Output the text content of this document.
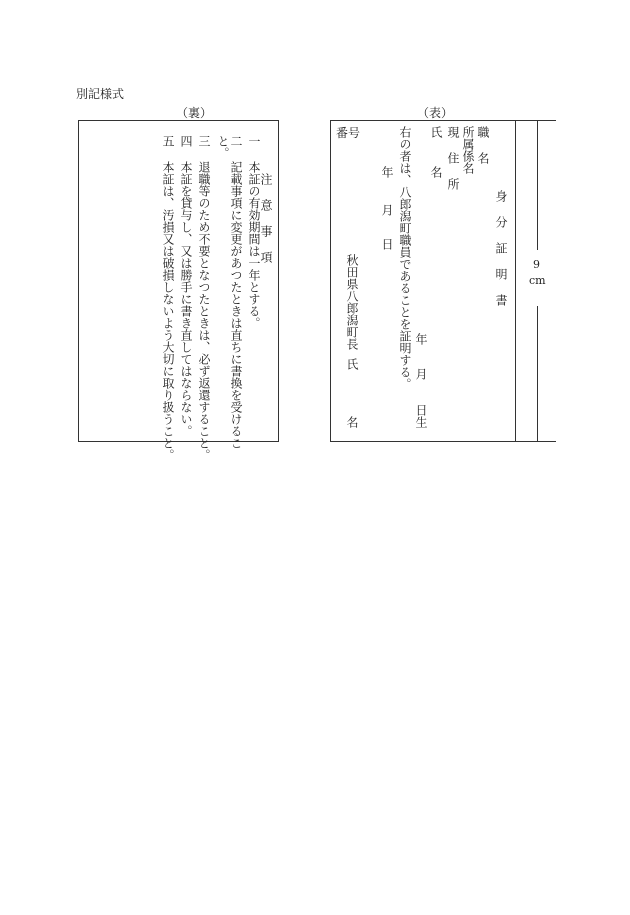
別記様式
（裏）	（表）
注 意 事 項
一
本証の有効期間は一年とする。
二
記載事項に変更があつたときは直ちに書換を受けるこ
と。
三
退職等のため不要となつたときは、必ず返還すること。
四
本証を貸与し、又は勝手に書き直してはならない。
五
本証は、汚損又は破損しないよう大切に取り扱うこと。	9
cm
身 分 証 明 書
職 名
所属係名
現 住 所
氏 名
年
月
日生
右の者は、八郎潟町職員であることを証明する。
年
月
日
秋田県八郎潟町長
氏
名
番号
